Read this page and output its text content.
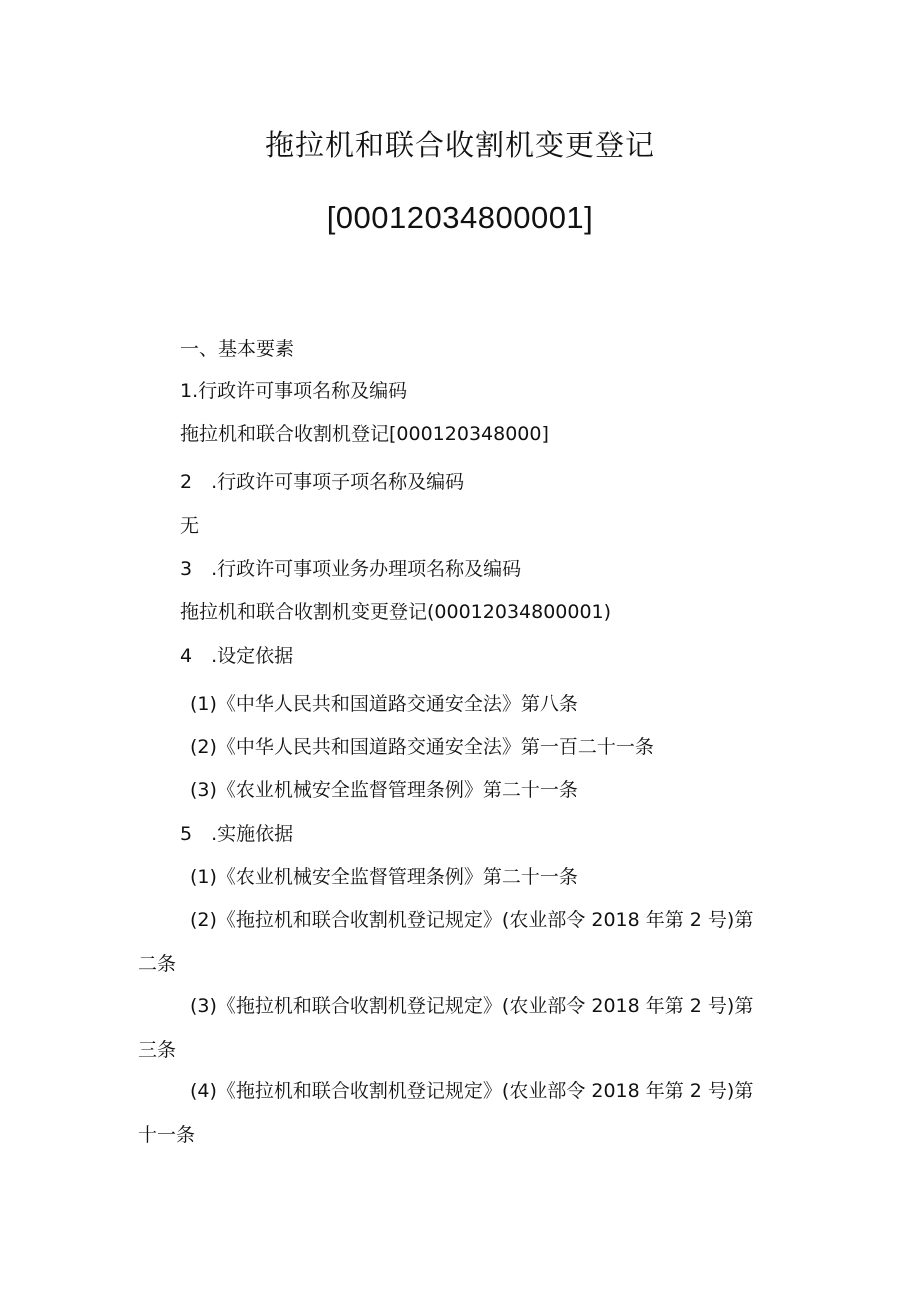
拖拉机和联合收割机变更登记
[00012034800001]
一、基本要素
1.行政许可事项名称及编码
拖拉机和联合收割机登记[000120348000]
2　.行政许可事项子项名称及编码
无
3　.行政许可事项业务办理项名称及编码
拖拉机和联合收割机变更登记(00012034800001)
4　.设定依据
(1)《中华人民共和国道路交通安全法》第八条
(2)《中华人民共和国道路交通安全法》第一百二十一条
(3)《农业机械安全监督管理条例》第二十一条
5　.实施依据
(1)《农业机械安全监督管理条例》第二十一条
(2)《拖拉机和联合收割机登记规定》(农业部令 2018 年第 2 号)第
二条
(3)《拖拉机和联合收割机登记规定》(农业部令 2018 年第 2 号)第
三条
(4)《拖拉机和联合收割机登记规定》(农业部令 2018 年第 2 号)第
十一条
